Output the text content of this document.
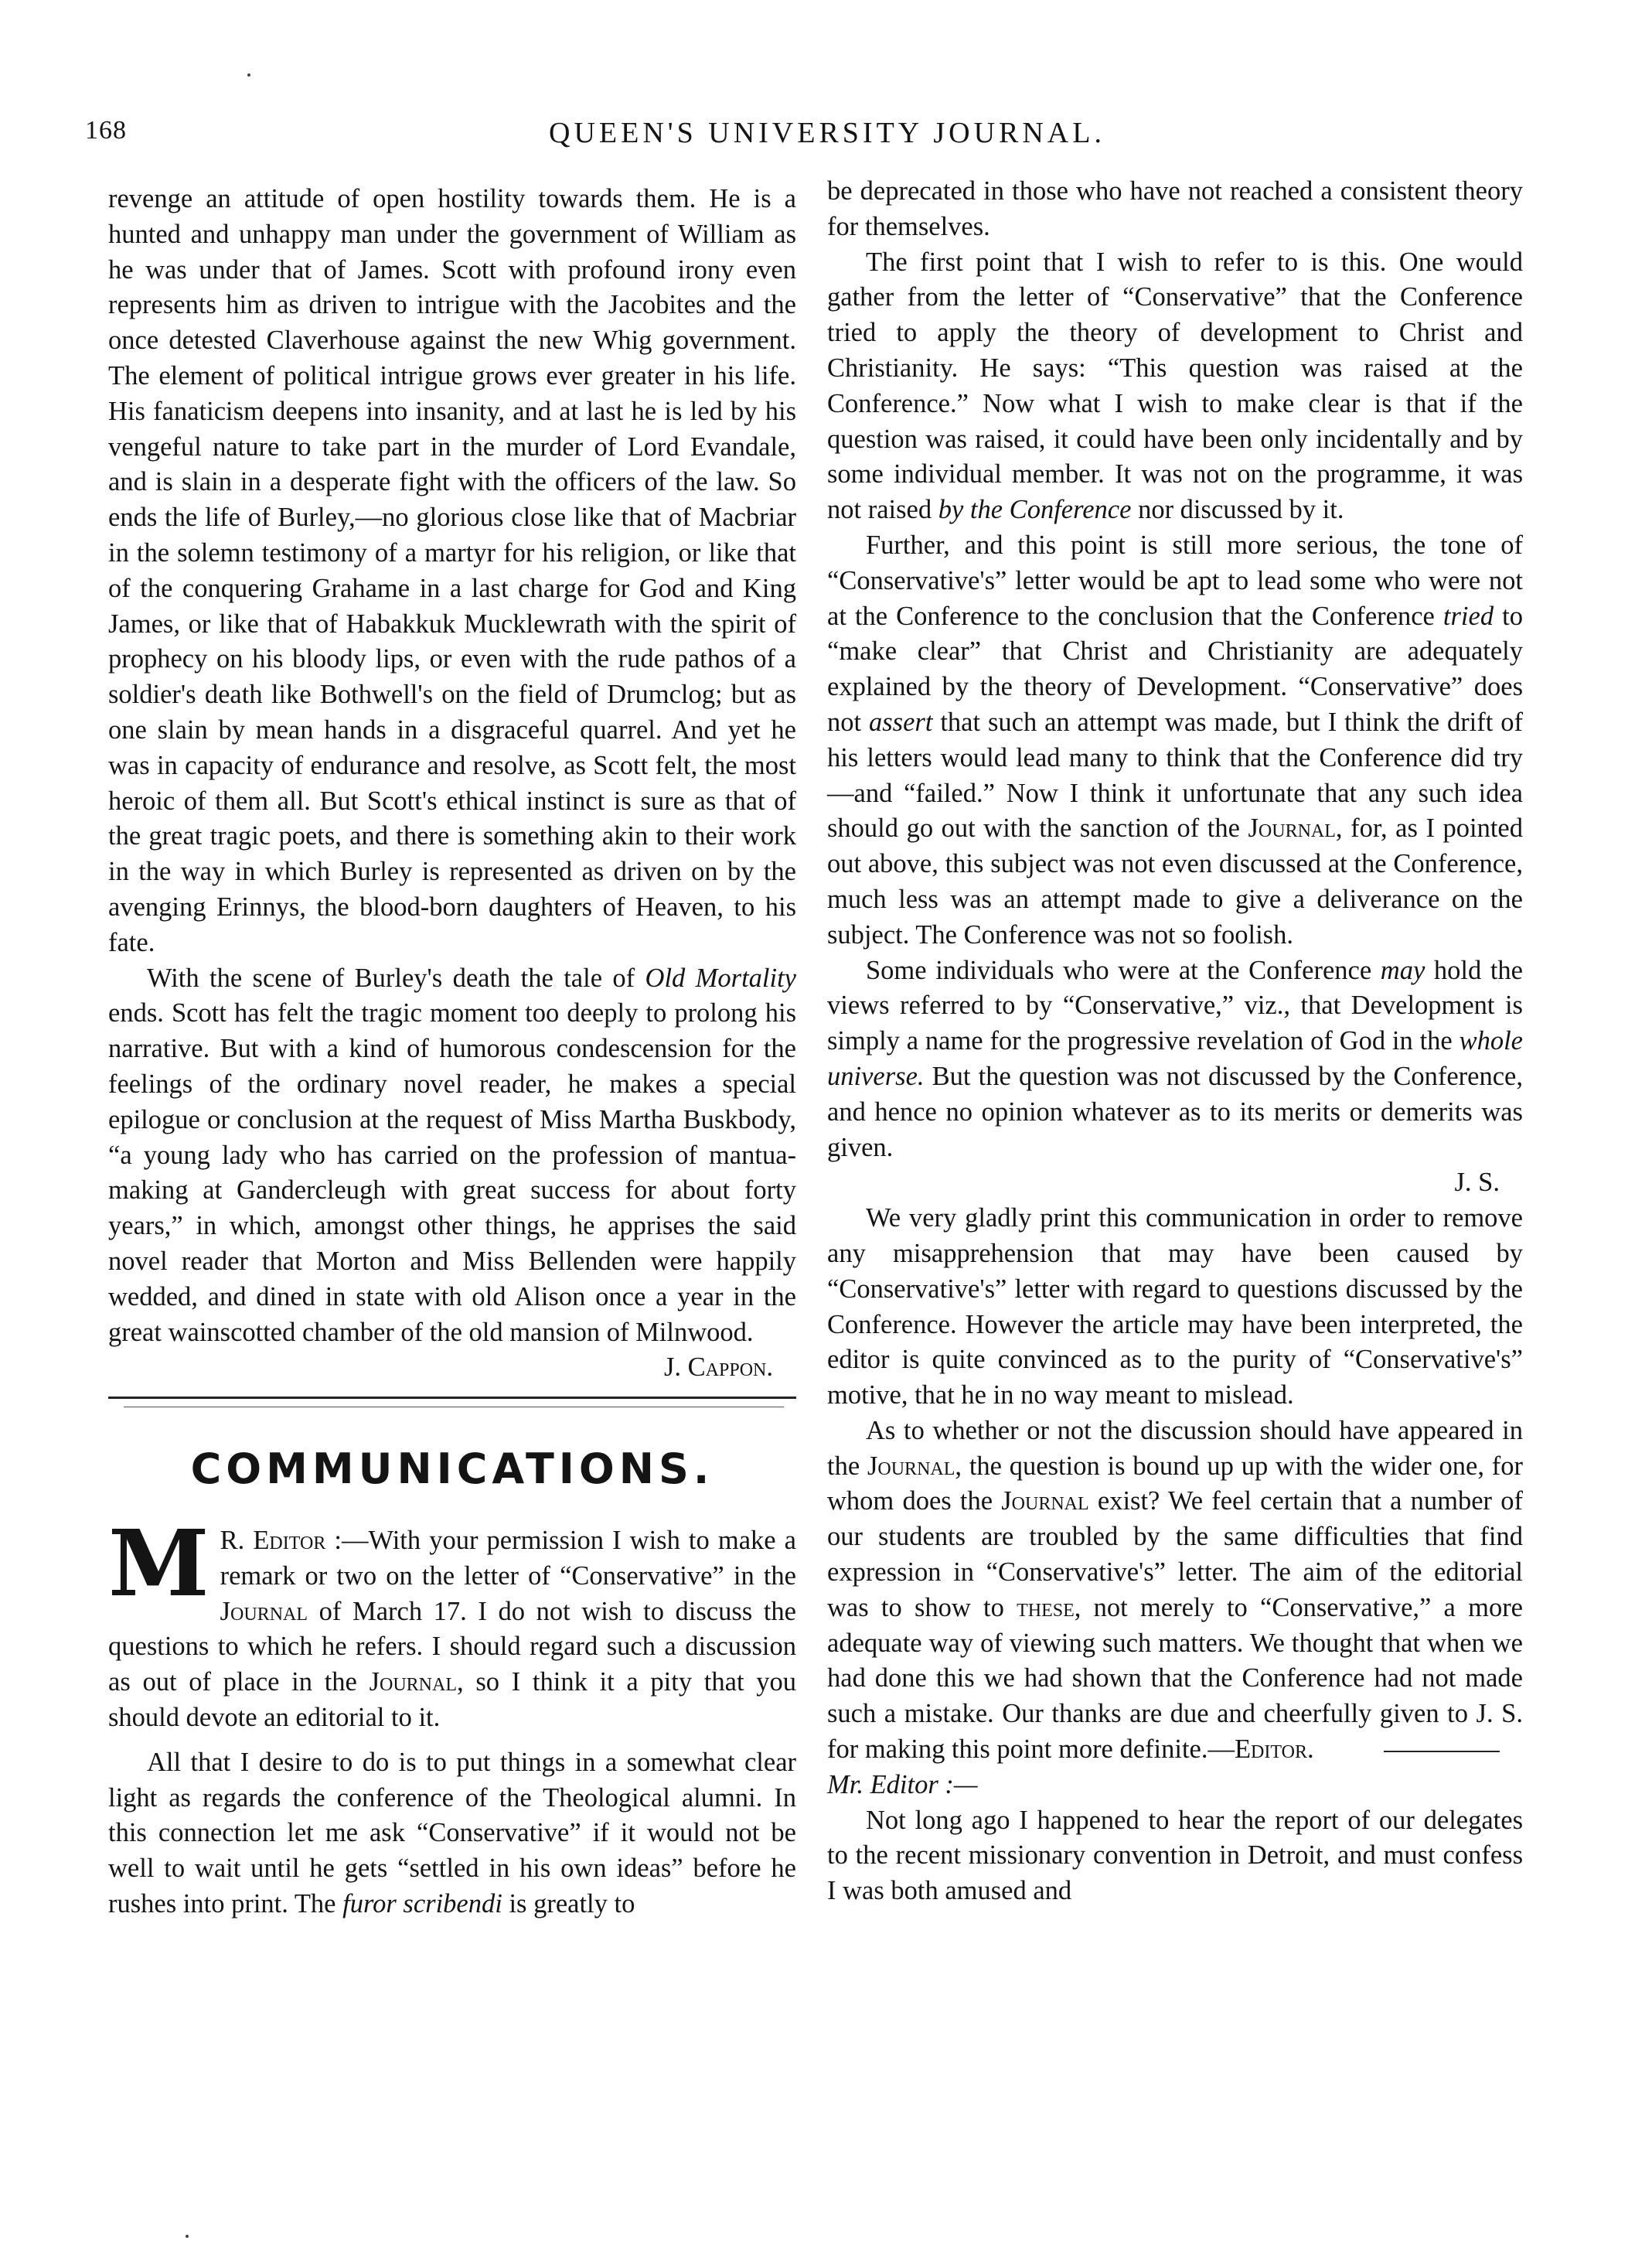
168	QUEEN'S UNIVERSITY JOURNAL.

revenge an attitude of open hostility towards them. He is a hunted and unhappy man under the government of William as he was under that of James. Scott with profound irony even represents him as driven to intrigue with the Jacobites and the once detested Claverhouse against the new Whig government. The element of political intrigue grows ever greater in his life. His fanaticism deepens into insanity, and at last he is led by his vengeful nature to take part in the murder of Lord Evandale, and is slain in a desperate fight with the officers of the law. So ends the life of Burley,—no glorious close like that of Macbriar in the solemn testimony of a martyr for his religion, or like that of the conquering Grahame in a last charge for God and King James, or like that of Habakkuk Mucklewrath with the spirit of prophecy on his bloody lips, or even with the rude pathos of a soldier's death like Bothwell's on the field of Drumclog; but as one slain by mean hands in a disgraceful quarrel. And yet he was in capacity of endurance and resolve, as Scott felt, the most heroic of them all. But Scott's ethical instinct is sure as that of the great tragic poets, and there is something akin to their work in the way in which Burley is represented as driven on by the avenging Erinnys, the blood-born daughters of Heaven, to his fate.

With the scene of Burley's death the tale of Old Mortality ends. Scott has felt the tragic moment too deeply to prolong his narrative. But with a kind of humorous condescension for the feelings of the ordinary novel reader, he makes a special epilogue or conclusion at the request of Miss Martha Buskbody, “a young lady who has carried on the profession of mantua-making at Gandercleugh with great success for about forty years,” in which, amongst other things, he apprises the said novel reader that Morton and Miss Bellenden were happily wedded, and dined in state with old Alison once a year in the great wainscotted chamber of the old mansion of Milnwood.
J. Cappon.

COMMUNICATIONS.

M R. Editor :—With your permission I wish to make a remark or two on the letter of “Conservative” in the Journal of March 17. I do not wish to discuss the questions to which he refers. I should regard such a discussion as out of place in the Journal, so I think it a pity that you should devote an editorial to it.

All that I desire to do is to put things in a somewhat clear light as regards the conference of the Theological alumni. In this connection let me ask “Conservative” if it would not be well to wait until he gets “settled in his own ideas” before he rushes into print. The furor scribendi is greatly to

be deprecated in those who have not reached a consistent theory for themselves.

The first point that I wish to refer to is this. One would gather from the letter of “Conservative” that the Conference tried to apply the theory of development to Christ and Christianity. He says: “This question was raised at the Conference.” Now what I wish to make clear is that if the question was raised, it could have been only incidentally and by some individual member. It was not on the programme, it was not raised by the Conference nor discussed by it.

Further, and this point is still more serious, the tone of “Conservative's” letter would be apt to lead some who were not at the Conference to the conclusion that the Conference tried to “make clear” that Christ and Christianity are adequately explained by the theory of Development. “Conservative” does not assert that such an attempt was made, but I think the drift of his letters would lead many to think that the Conference did try—and “failed.” Now I think it unfortunate that any such idea should go out with the sanction of the Journal, for, as I pointed out above, this subject was not even discussed at the Conference, much less was an attempt made to give a deliverance on the subject. The Conference was not so foolish.

Some individuals who were at the Conference may hold the views referred to by “Conservative,” viz., that Development is simply a name for the progressive revelation of God in the whole universe. But the question was not discussed by the Conference, and hence no opinion whatever as to its merits or demerits was given.
J. S.

We very gladly print this communication in order to remove any misapprehension that may have been caused by “Conservative's” letter with regard to questions discussed by the Conference. However the article may have been interpreted, the editor is quite convinced as to the purity of “Conservative's” motive, that he in no way meant to mislead.

As to whether or not the discussion should have appeared in the Journal, the question is bound up up with the wider one, for whom does the Journal exist? We feel certain that a number of our students are troubled by the same difficulties that find expression in “Conservative's” letter. The aim of the editorial was to show to these, not merely to “Conservative,” a more adequate way of viewing such matters. We thought that when we had done this we had shown that the Conference had not made such a mistake. Our thanks are due and cheerfully given to J. S. for making this point more definite.—Editor.

Mr. Editor :—

Not long ago I happened to hear the report of our delegates to the recent missionary convention in Detroit, and must confess I was both amused and
